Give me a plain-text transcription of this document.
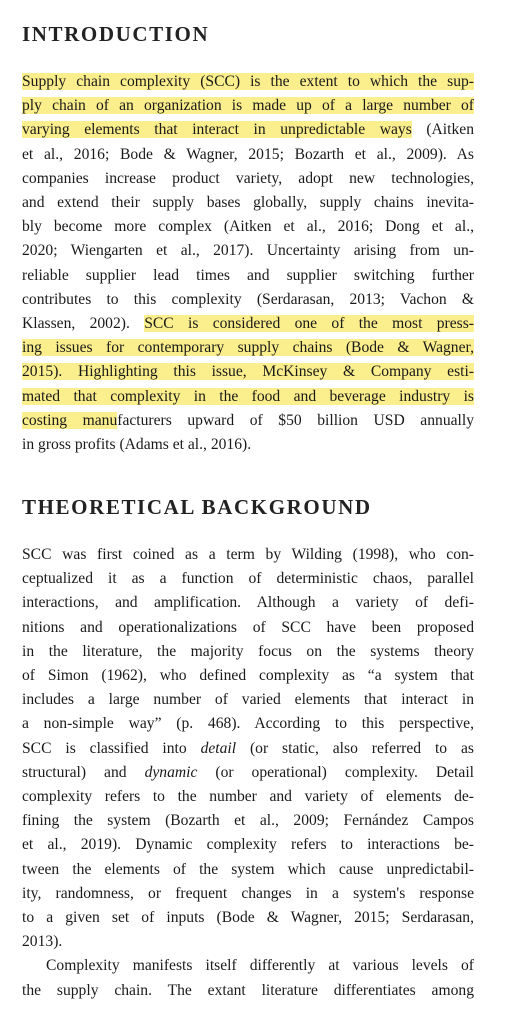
INTRODUCTION
Supply chain complexity (SCC) is the extent to which the sup-
ply chain of an organization is made up of a large number of
varying elements that interact in unpredictable ways (Aitken
et al., 2016; Bode & Wagner, 2015; Bozarth et al., 2009). As
companies increase product variety, adopt new technologies,
and extend their supply bases globally, supply chains inevita-
bly become more complex (Aitken et al., 2016; Dong et al.,
2020; Wiengarten et al., 2017). Uncertainty arising from un-
reliable supplier lead times and supplier switching further
contributes to this complexity (Serdarasan, 2013; Vachon &
Klassen, 2002). SCC is considered one of the most press-
ing issues for contemporary supply chains (Bode & Wagner,
2015). Highlighting this issue, McKinsey & Company esti-
mated that complexity in the food and beverage industry is
costing manufacturers upward of $50 billion USD annually
in gross profits (Adams et al., 2016).
THEORETICAL BACKGROUND
SCC was first coined as a term by Wilding (1998), who con-
ceptualized it as a function of deterministic chaos, parallel
interactions, and amplification. Although a variety of defi-
nitions and operationalizations of SCC have been proposed
in the literature, the majority focus on the systems theory
of Simon (1962), who defined complexity as “a system that
includes a large number of varied elements that interact in
a non-simple way” (p. 468). According to this perspective,
SCC is classified into detail (or static, also referred to as
structural) and dynamic (or operational) complexity. Detail
complexity refers to the number and variety of elements de-
fining the system (Bozarth et al., 2009; Fernández Campos
et al., 2019). Dynamic complexity refers to interactions be-
tween the elements of the system which cause unpredictabil-
ity, randomness, or frequent changes in a system's response
to a given set of inputs (Bode & Wagner, 2015; Serdarasan,
2013).
Complexity manifests itself differently at various levels of
the supply chain. The extant literature differentiates among
